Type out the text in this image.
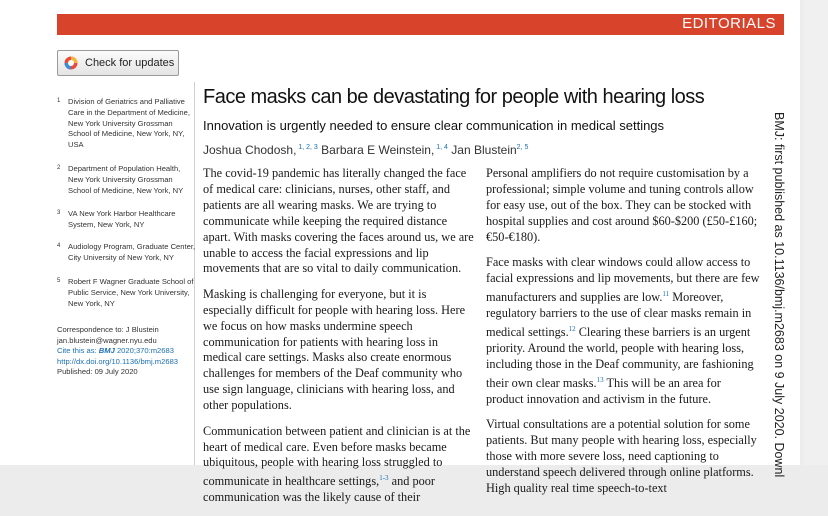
EDITORIALS
Check for updates
1 Division of Geriatrics and Palliative Care in the Department of Medicine, New York University Grossman School of Medicine, New York, NY, USA
2 Department of Population Health, New York University Grossman School of Medicine, New York, NY
3 VA New York Harbor Healthcare System, New York, NY
4 Audiology Program, Graduate Center, City University of New York, NY
5 Robert F Wagner Graduate School of Public Service, New York University, New York, NY
Correspondence to: J Blustein
jan.blustein@wagner.nyu.edu
Cite this as: BMJ 2020;370:m2683
http://dx.doi.org/10.1136/bmj.m2683
Published: 09 July 2020
Face masks can be devastating for people with hearing loss
Innovation is urgently needed to ensure clear communication in medical settings
Joshua Chodosh, $^{1, 2, 3}$ Barbara E Weinstein, $^{1, 4}$ Jan Blustein$^{2, 5}$

The covid-19 pandemic has literally changed the face of medical care: clinicians, nurses, other staff, and patients are all wearing masks. We are trying to communicate while keeping the required distance apart. With masks covering the faces around us, we are unable to access the facial expressions and lip movements that are so vital to daily communication.

Masking is challenging for everyone, but it is especially difficult for people with hearing loss. Here we focus on how masks undermine speech communication for patients with hearing loss in medical care settings. Masks also create enormous challenges for members of the Deaf community who use sign language, clinicians with hearing loss, and other populations.

Communication between patient and clinician is at the heart of medical care. Even before masks became ubiquitous, people with hearing loss struggled to communicate in healthcare settings,$^{1-3}$ and poor communication was the likely cause of their

Personal amplifiers do not require customisation by a professional; simple volume and tuning controls allow for easy use, out of the box. They can be stocked with hospital supplies and cost around $60-$200 (£50-£160; €50-€180).

Face masks with clear windows could allow access to facial expressions and lip movements, but there are few manufacturers and supplies are low.$^{11}$ Moreover, regulatory barriers to the use of clear masks remain in medical settings.$^{12}$ Clearing these barriers is an urgent priority. Around the world, people with hearing loss, including those in the Deaf community, are fashioning their own clear masks.$^{13}$ This will be an area for product innovation and activism in the future.

Virtual consultations are a potential solution for some patients. But many people with hearing loss, especially those with more severe loss, need captioning to understand speech delivered through online platforms. High quality real time speech-to-text

BMJ: first published as 10.1136/bmj.m2683 on 9 July 2020. Downl
